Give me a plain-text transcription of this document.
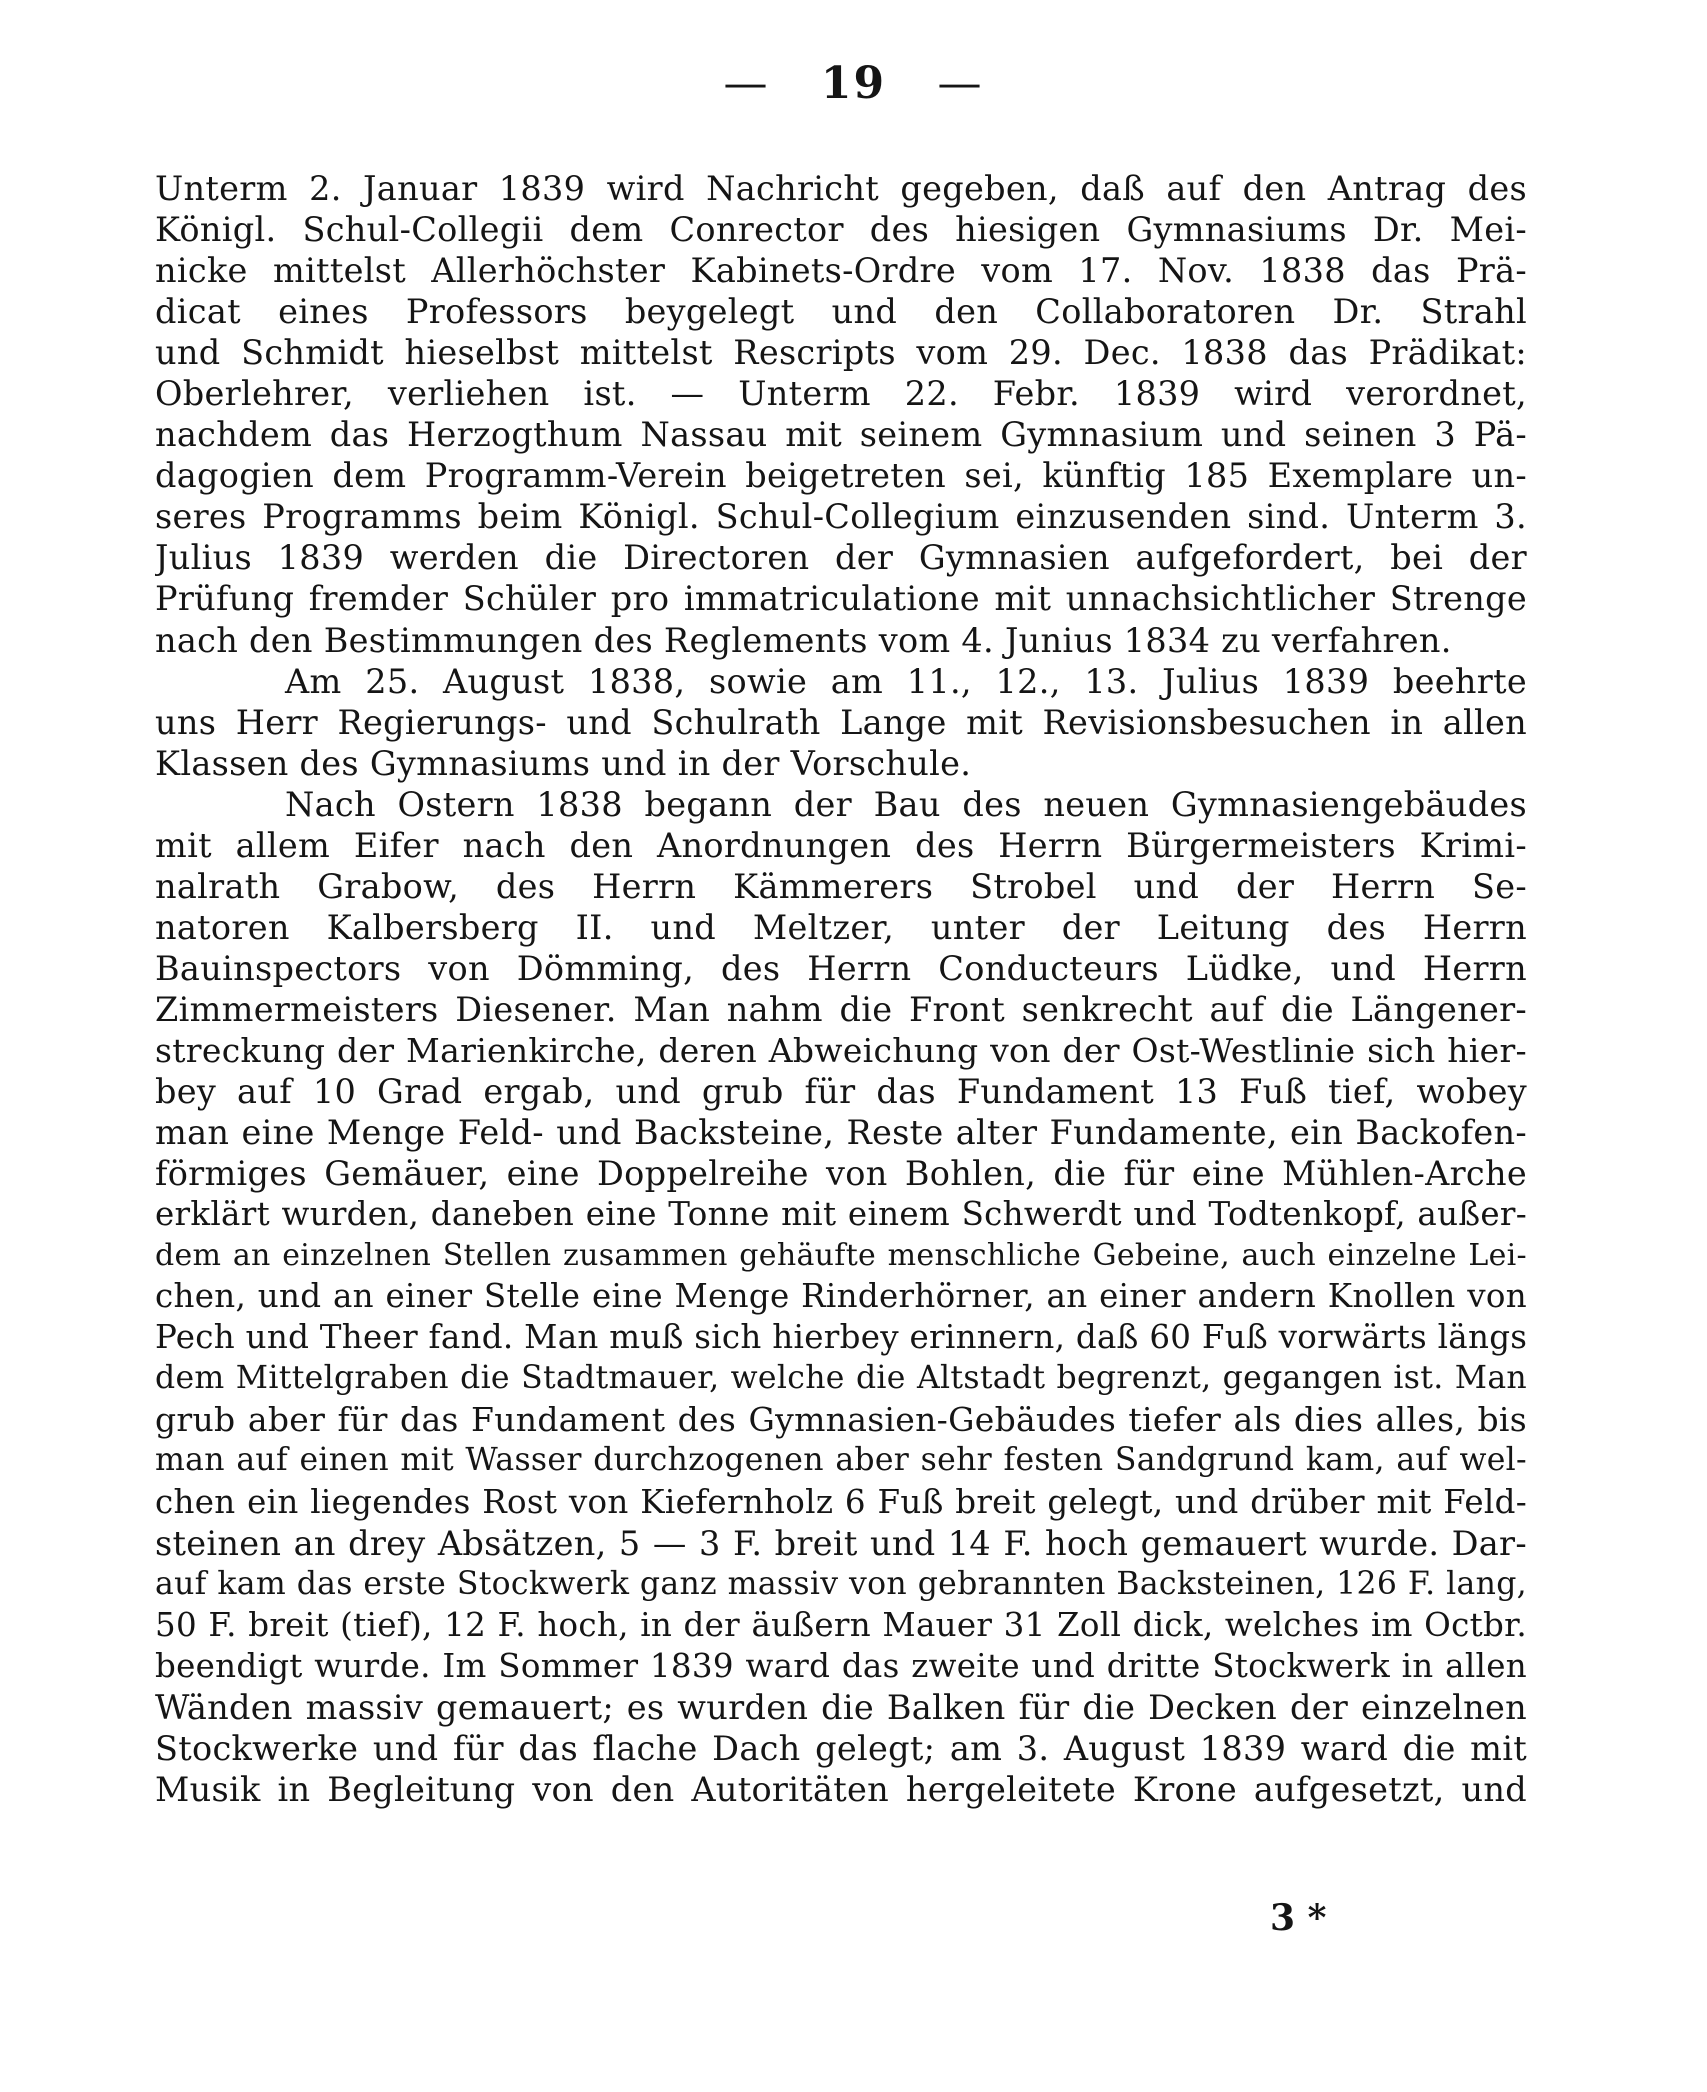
— 19 —
Unterm 2. Januar 1839 wird Nachricht gegeben, daß auf den Antrag des
Königl. Schul-Collegii dem Conrector des hiesigen Gymnasiums Dr. Mei-
nicke mittelst Allerhöchster Kabinets-Ordre vom 17. Nov. 1838 das Prä-
dicat eines Professors beygelegt und den Collaboratoren Dr. Strahl
und Schmidt hieselbst mittelst Rescripts vom 29. Dec. 1838 das Prädikat:
Oberlehrer, verliehen ist. — Unterm 22. Febr. 1839 wird verordnet,
nachdem das Herzogthum Nassau mit seinem Gymnasium und seinen 3 Pä-
dagogien dem Programm-Verein beigetreten sei, künftig 185 Exemplare un-
seres Programms beim Königl. Schul-Collegium einzusenden sind. Unterm 3.
Julius 1839 werden die Directoren der Gymnasien aufgefordert, bei der
Prüfung fremder Schüler pro immatriculatione mit unnachsichtlicher Strenge
nach den Bestimmungen des Reglements vom 4. Junius 1834 zu verfahren.
Am 25. August 1838, sowie am 11., 12., 13. Julius 1839 beehrte
uns Herr Regierungs- und Schulrath Lange mit Revisionsbesuchen in allen
Klassen des Gymnasiums und in der Vorschule.
Nach Ostern 1838 begann der Bau des neuen Gymnasiengebäudes
mit allem Eifer nach den Anordnungen des Herrn Bürgermeisters Krimi-
nalrath Grabow, des Herrn Kämmerers Strobel und der Herrn Se-
natoren Kalbersberg II. und Meltzer, unter der Leitung des Herrn
Bauinspectors von Dömming, des Herrn Conducteurs Lüdke, und Herrn
Zimmermeisters Diesener. Man nahm die Front senkrecht auf die Längener-
streckung der Marienkirche, deren Abweichung von der Ost-Westlinie sich hier-
bey auf 10 Grad ergab, und grub für das Fundament 13 Fuß tief, wobey
man eine Menge Feld- und Backsteine, Reste alter Fundamente, ein Backofen-
förmiges Gemäuer, eine Doppelreihe von Bohlen, die für eine Mühlen-Arche
erklärt wurden, daneben eine Tonne mit einem Schwerdt und Todtenkopf, außer-
dem an einzelnen Stellen zusammen gehäufte menschliche Gebeine, auch einzelne Lei-
chen, und an einer Stelle eine Menge Rinderhörner, an einer andern Knollen von
Pech und Theer fand. Man muß sich hierbey erinnern, daß 60 Fuß vorwärts längs
dem Mittelgraben die Stadtmauer, welche die Altstadt begrenzt, gegangen ist. Man
grub aber für das Fundament des Gymnasien-Gebäudes tiefer als dies alles, bis
man auf einen mit Wasser durchzogenen aber sehr festen Sandgrund kam, auf wel-
chen ein liegendes Rost von Kiefernholz 6 Fuß breit gelegt, und drüber mit Feld-
steinen an drey Absätzen, 5 — 3 F. breit und 14 F. hoch gemauert wurde. Dar-
auf kam das erste Stockwerk ganz massiv von gebrannten Backsteinen, 126 F. lang,
50 F. breit (tief), 12 F. hoch, in der äußern Mauer 31 Zoll dick, welches im Octbr.
beendigt wurde. Im Sommer 1839 ward das zweite und dritte Stockwerk in allen
Wänden massiv gemauert; es wurden die Balken für die Decken der einzelnen
Stockwerke und für das flache Dach gelegt; am 3. August 1839 ward die mit
Musik in Begleitung von den Autoritäten hergeleitete Krone aufgesetzt, und
3 *
